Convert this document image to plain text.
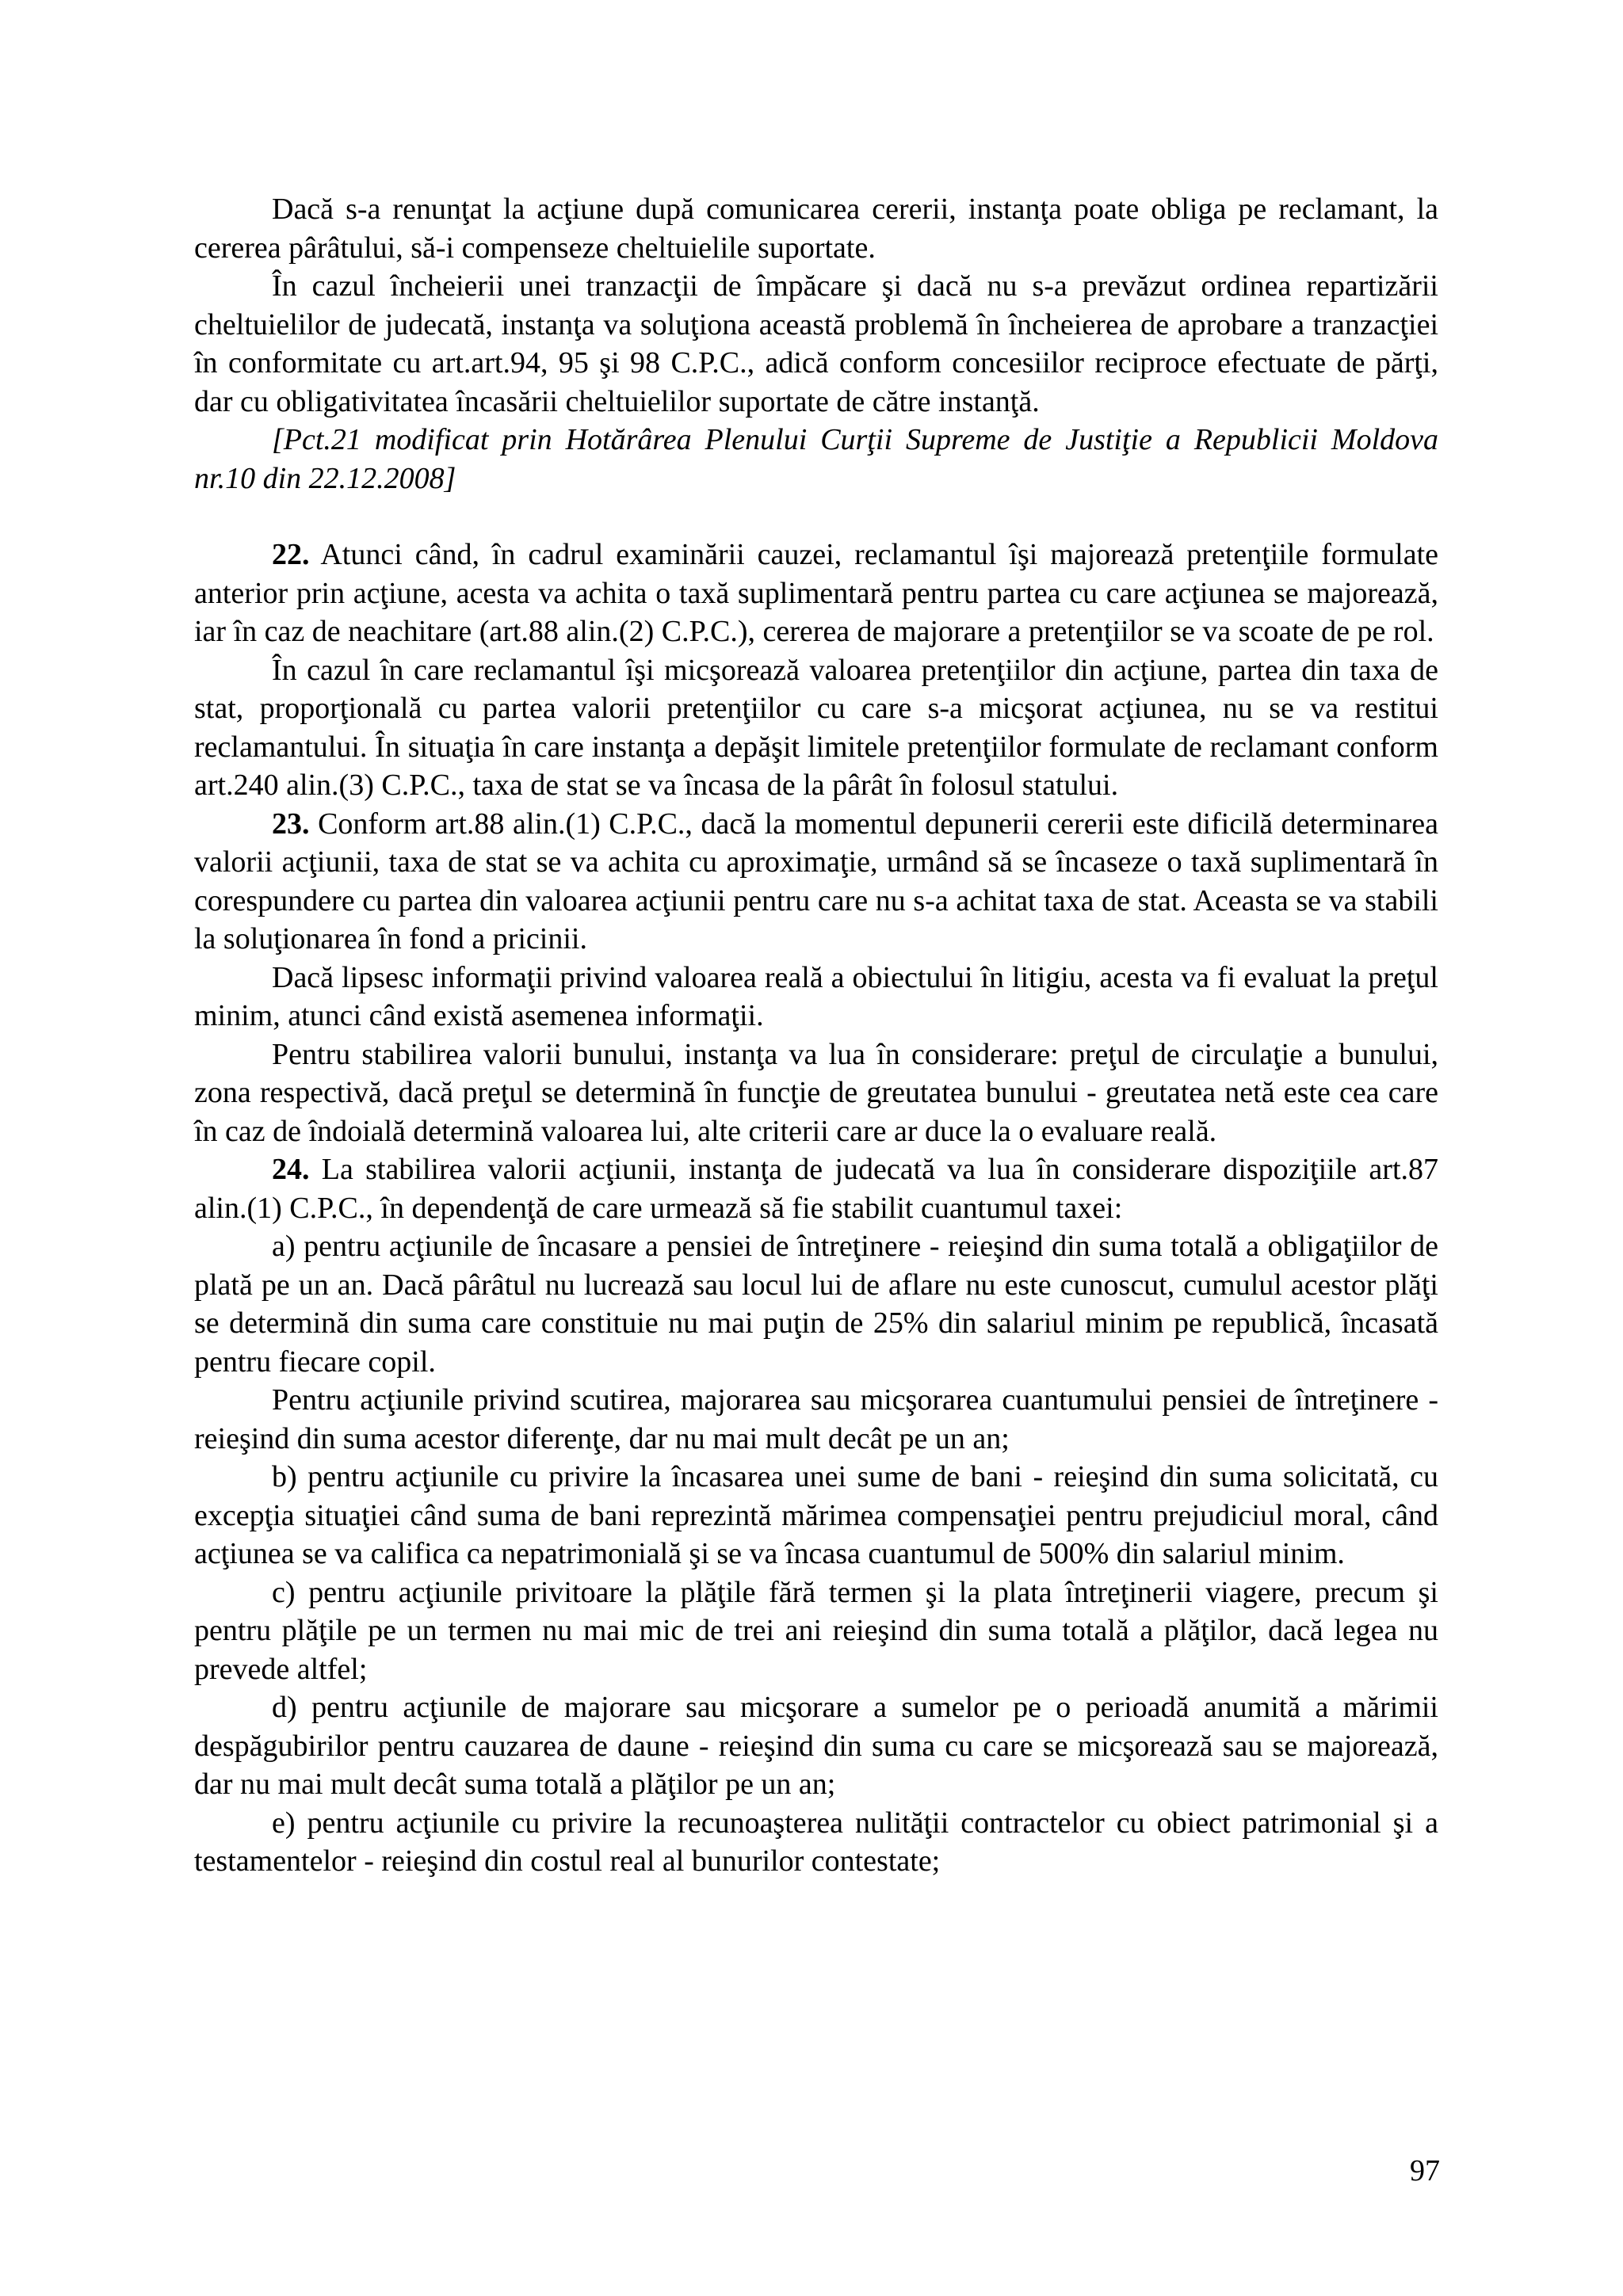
Dacă s-a renunţat la acţiune după comunicarea cererii, instanţa poate obliga pe reclamant, la cererea pârâtului, să-i compenseze cheltuielile suportate.

În cazul încheierii unei tranzacţii de împăcare şi dacă nu s-a prevăzut ordinea repartizării cheltuielilor de judecată, instanţa va soluţiona această problemă în încheierea de aprobare a tranzacţiei în conformitate cu art.art.94, 95 şi 98 C.P.C., adică conform concesiilor reciproce efectuate de părţi, dar cu obligativitatea încasării cheltuielilor suportate de către instanţă.

[Pct.21 modificat prin Hotărârea Plenului Curţii Supreme de Justiţie a Republicii Moldova nr.10 din 22.12.2008]

22. Atunci când, în cadrul examinării cauzei, reclamantul îşi majorează pretenţiile formulate anterior prin acţiune, acesta va achita o taxă suplimentară pentru partea cu care acţiunea se majorează, iar în caz de neachitare (art.88 alin.(2) C.P.C.), cererea de majorare a pretenţiilor se va scoate de pe rol.

În cazul în care reclamantul îşi micşorează valoarea pretenţiilor din acţiune, partea din taxa de stat, proporţională cu partea valorii pretenţiilor cu care s-a micşorat acţiunea, nu se va restitui reclamantului. În situaţia în care instanţa a depăşit limitele pretenţiilor formulate de reclamant conform art.240 alin.(3) C.P.C., taxa de stat se va încasa de la pârât în folosul statului.

23. Conform art.88 alin.(1) C.P.C., dacă la momentul depunerii cererii este dificilă determinarea valorii acţiunii, taxa de stat se va achita cu aproximaţie, urmând să se încaseze o taxă suplimentară în corespundere cu partea din valoarea acţiunii pentru care nu s-a achitat taxa de stat. Aceasta se va stabili la soluţionarea în fond a pricinii.

Dacă lipsesc informaţii privind valoarea reală a obiectului în litigiu, acesta va fi evaluat la preţul minim, atunci când există asemenea informaţii.

Pentru stabilirea valorii bunului, instanţa va lua în considerare: preţul de circulaţie a bunului, zona respectivă, dacă preţul se determină în funcţie de greutatea bunului - greutatea netă este cea care în caz de îndoială determină valoarea lui, alte criterii care ar duce la o evaluare reală.

24. La stabilirea valorii acţiunii, instanţa de judecată va lua în considerare dispoziţiile art.87 alin.(1) C.P.C., în dependenţă de care urmează să fie stabilit cuantumul taxei:

a) pentru acţiunile de încasare a pensiei de întreţinere - reieşind din suma totală a obligaţiilor de plată pe un an. Dacă pârâtul nu lucrează sau locul lui de aflare nu este cunoscut, cumulul acestor plăţi se determină din suma care constituie nu mai puţin de 25% din salariul minim pe republică, încasată pentru fiecare copil.

Pentru acţiunile privind scutirea, majorarea sau micşorarea cuantumului pensiei de întreţinere - reieşind din suma acestor diferenţe, dar nu mai mult decât pe un an;

b) pentru acţiunile cu privire la încasarea unei sume de bani - reieşind din suma solicitată, cu excepţia situaţiei când suma de bani reprezintă mărimea compensaţiei pentru prejudiciul moral, când acţiunea se va califica ca nepatrimonială şi se va încasa cuantumul de 500% din salariul minim.

c) pentru acţiunile privitoare la plăţile fără termen şi la plata întreţinerii viagere, precum şi pentru plăţile pe un termen nu mai mic de trei ani reieşind din suma totală a plăţilor, dacă legea nu prevede altfel;

d) pentru acţiunile de majorare sau micşorare a sumelor pe o perioadă anumită a mărimii despăgubirilor pentru cauzarea de daune - reieşind din suma cu care se micşorează sau se majorează, dar nu mai mult decât suma totală a plăţilor pe un an;

e) pentru acţiunile cu privire la recunoaşterea nulităţii contractelor cu obiect patrimonial şi a testamentelor - reieşind din costul real al bunurilor contestate;

97
